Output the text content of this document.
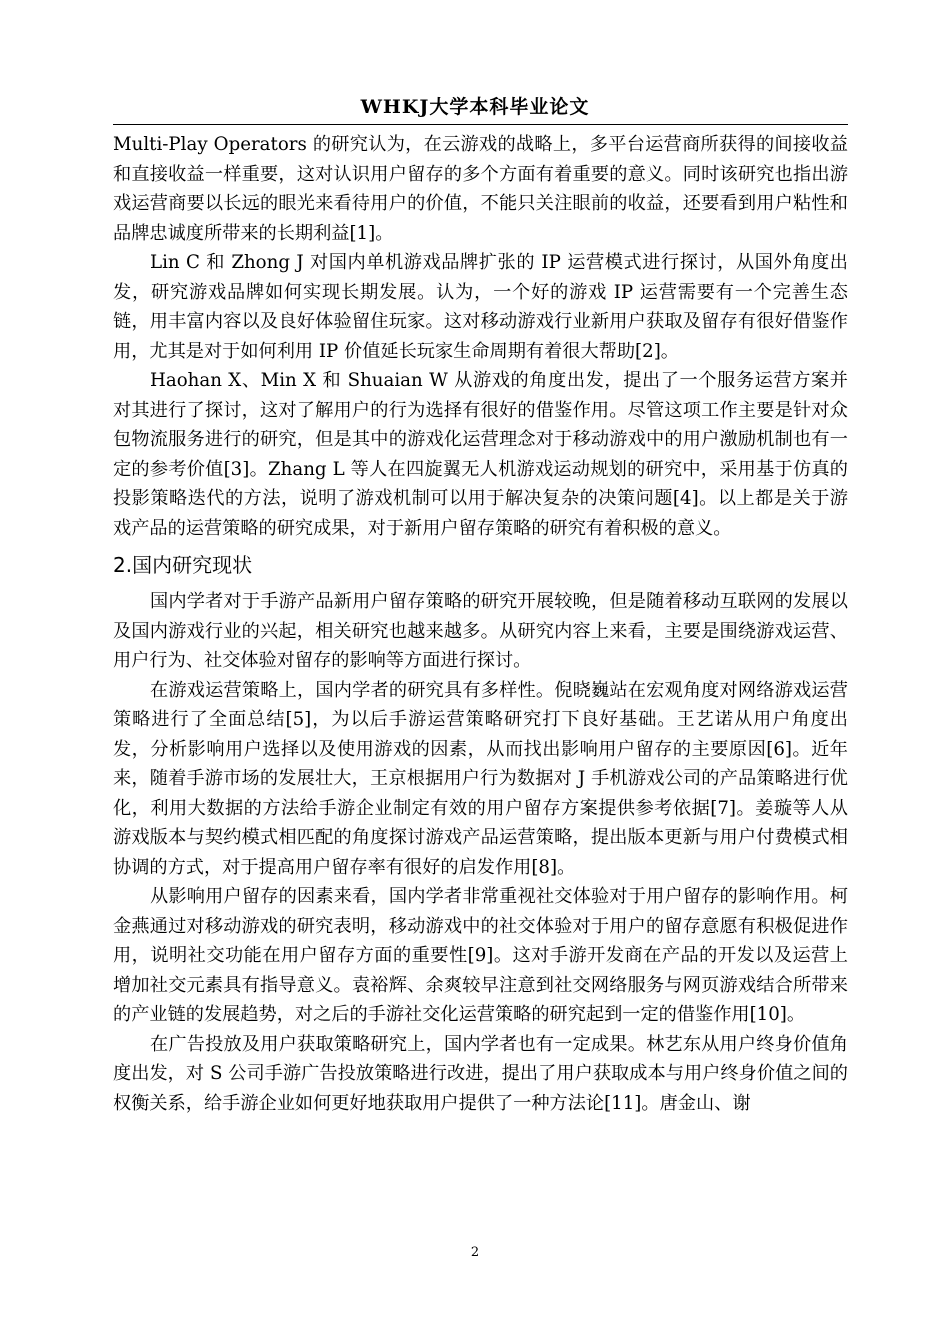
WHKJ大学本科毕业论文

Multi-Play Operators 的研究认为，在云游戏的战略上，多平台运营商所获得的间接收益和直接收益一样重要，这对认识用户留存的多个方面有着重要的意义。同时该研究也指出游戏运营商要以长远的眼光来看待用户的价值，不能只关注眼前的收益，还要看到用户粘性和品牌忠诚度所带来的长期利益[1]。

Lin C 和 Zhong J 对国内单机游戏品牌扩张的 IP 运营模式进行探讨，从国外角度出发，研究游戏品牌如何实现长期发展。认为，一个好的游戏 IP 运营需要有一个完善生态链，用丰富内容以及良好体验留住玩家。这对移动游戏行业新用户获取及留存有很好借鉴作用，尤其是对于如何利用 IP 价值延长玩家生命周期有着很大帮助[2]。

Haohan X、Min X 和 Shuaian W 从游戏的角度出发，提出了一个服务运营方案并对其进行了探讨，这对了解用户的行为选择有很好的借鉴作用。尽管这项工作主要是针对众包物流服务进行的研究，但是其中的游戏化运营理念对于移动游戏中的用户激励机制也有一定的参考价值[3]。Zhang L 等人在四旋翼无人机游戏运动规划的研究中，采用基于仿真的投影策略迭代的方法，说明了游戏机制可以用于解决复杂的决策问题[4]。以上都是关于游戏产品的运营策略的研究成果，对于新用户留存策略的研究有着积极的意义。

2.国内研究现状

国内学者对于手游产品新用户留存策略的研究开展较晚，但是随着移动互联网的发展以及国内游戏行业的兴起，相关研究也越来越多。从研究内容上来看，主要是围绕游戏运营、用户行为、社交体验对留存的影响等方面进行探讨。

在游戏运营策略上，国内学者的研究具有多样性。倪晓巍站在宏观角度对网络游戏运营策略进行了全面总结[5]，为以后手游运营策略研究打下良好基础。王艺诺从用户角度出发，分析影响用户选择以及使用游戏的因素，从而找出影响用户留存的主要原因[6]。近年来，随着手游市场的发展壮大，王京根据用户行为数据对 J 手机游戏公司的产品策略进行优化，利用大数据的方法给手游企业制定有效的用户留存方案提供参考依据[7]。姜璇等人从游戏版本与契约模式相匹配的角度探讨游戏产品运营策略，提出版本更新与用户付费模式相协调的方式，对于提高用户留存率有很好的启发作用[8]。

从影响用户留存的因素来看，国内学者非常重视社交体验对于用户留存的影响作用。柯金燕通过对移动游戏的研究表明，移动游戏中的社交体验对于用户的留存意愿有积极促进作用，说明社交功能在用户留存方面的重要性[9]。这对手游开发商在产品的开发以及运营上增加社交元素具有指导意义。袁裕辉、余爽较早注意到社交网络服务与网页游戏结合所带来的产业链的发展趋势，对之后的手游社交化运营策略的研究起到一定的借鉴作用[10]。

在广告投放及用户获取策略研究上，国内学者也有一定成果。林艺东从用户终身价值角度出发，对 S 公司手游广告投放策略进行改进，提出了用户获取成本与用户终身价值之间的权衡关系，给手游企业如何更好地获取用户提供了一种方法论[11]。唐金山、谢

2
